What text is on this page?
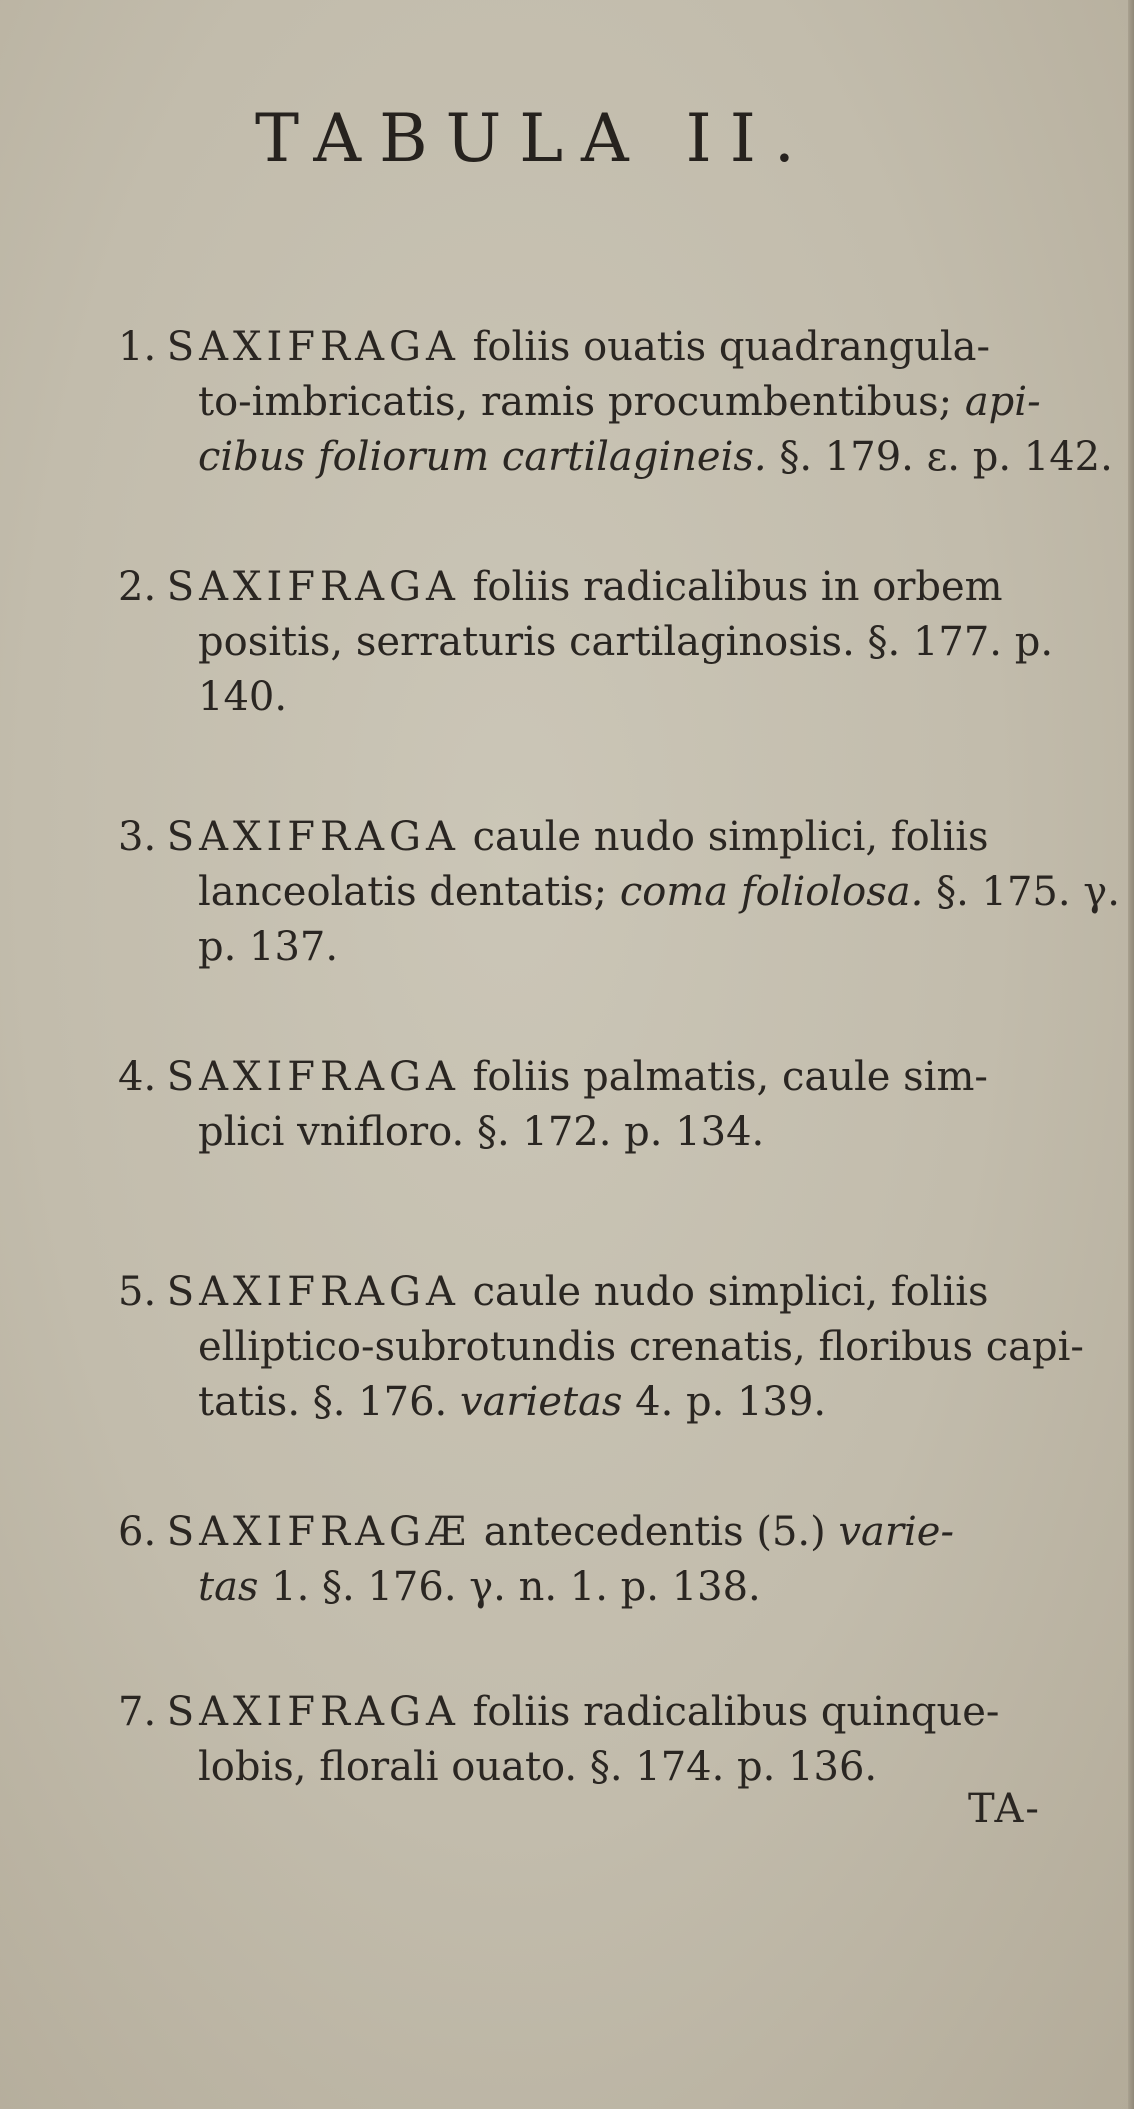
TABULA II.
1. SAXIFRAGA foliis ouatis quadrangula-
to-imbricatis, ramis procumbentibus; api-
cibus foliorum cartilagineis. §. 179. ε. p. 142.
2. SAXIFRAGA foliis radicalibus in orbem
positis, serraturis cartilaginosis. §. 177. p.
140.
3. SAXIFRAGA caule nudo simplici, foliis
lanceolatis dentatis; coma foliolosa. §. 175. γ.
p. 137.
4. SAXIFRAGA foliis palmatis, caule sim-
plici vnifloro. §. 172. p. 134.
5. SAXIFRAGA caule nudo simplici, foliis
elliptico-subrotundis crenatis, floribus capi-
tatis. §. 176. varietas 4. p. 139.
6. SAXIFRAGÆ antecedentis (5.) varie-
tas 1. §. 176. γ. n. 1. p. 138.
7. SAXIFRAGA foliis radicalibus quinque-
lobis, florali ouato. §. 174. p. 136.
TA-
